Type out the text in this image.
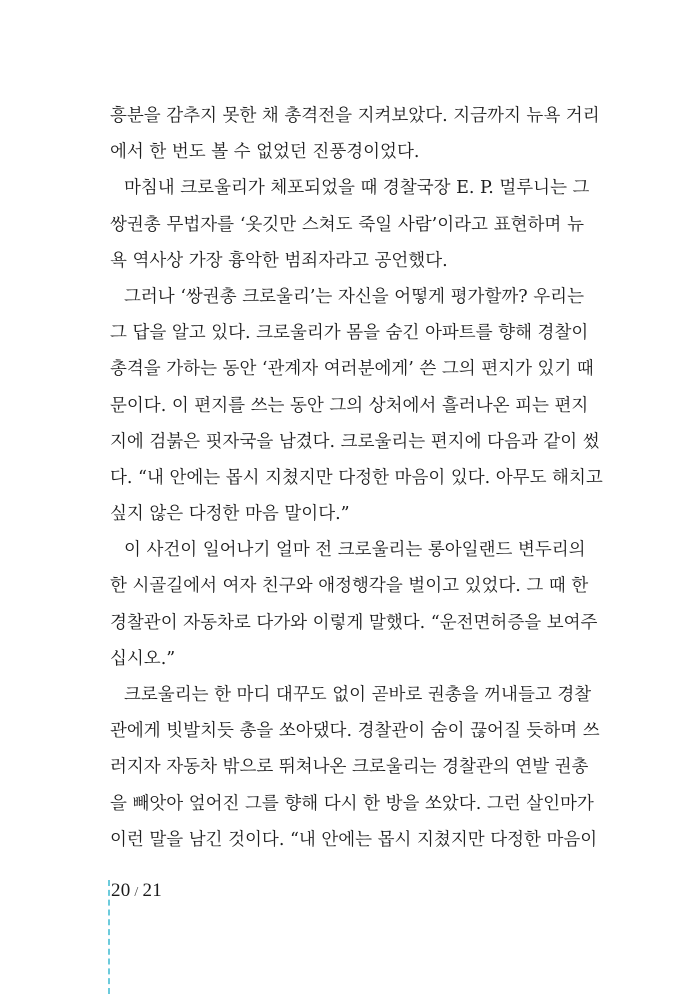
흥분을 감추지 못한 채 총격전을 지켜보았다. 지금까지 뉴욕 거리
에서 한 번도 볼 수 없었던 진풍경이었다.
마침내 크로울리가 체포되었을 때 경찰국장 E. P. 멀루니는 그
쌍권총 무법자를 ‘옷깃만 스쳐도 죽일 사람’이라고 표현하며 뉴
욕 역사상 가장 흉악한 범죄자라고 공언했다.
그러나 ‘쌍권총 크로울리’는 자신을 어떻게 평가할까? 우리는
그 답을 알고 있다. 크로울리가 몸을 숨긴 아파트를 향해 경찰이
총격을 가하는 동안 ‘관계자 여러분에게’ 쓴 그의 편지가 있기 때
문이다. 이 편지를 쓰는 동안 그의 상처에서 흘러나온 피는 편지
지에 검붉은 핏자국을 남겼다. 크로울리는 편지에 다음과 같이 썼
다. “내 안에는 몹시 지쳤지만 다정한 마음이 있다. 아무도 해치고
싶지 않은 다정한 마음 말이다.”
이 사건이 일어나기 얼마 전 크로울리는 롱아일랜드 변두리의
한 시골길에서 여자 친구와 애정행각을 벌이고 있었다. 그 때 한
경찰관이 자동차로 다가와 이렇게 말했다. “운전면허증을 보여주
십시오.”
크로울리는 한 마디 대꾸도 없이 곧바로 권총을 꺼내들고 경찰
관에게 빗발치듯 총을 쏘아댔다. 경찰관이 숨이 끊어질 듯하며 쓰
러지자 자동차 밖으로 뛰쳐나온 크로울리는 경찰관의 연발 권총
을 빼앗아 엎어진 그를 향해 다시 한 방을 쏘았다. 그런 살인마가
이런 말을 남긴 것이다. “내 안에는 몹시 지쳤지만 다정한 마음이
20 / 21
